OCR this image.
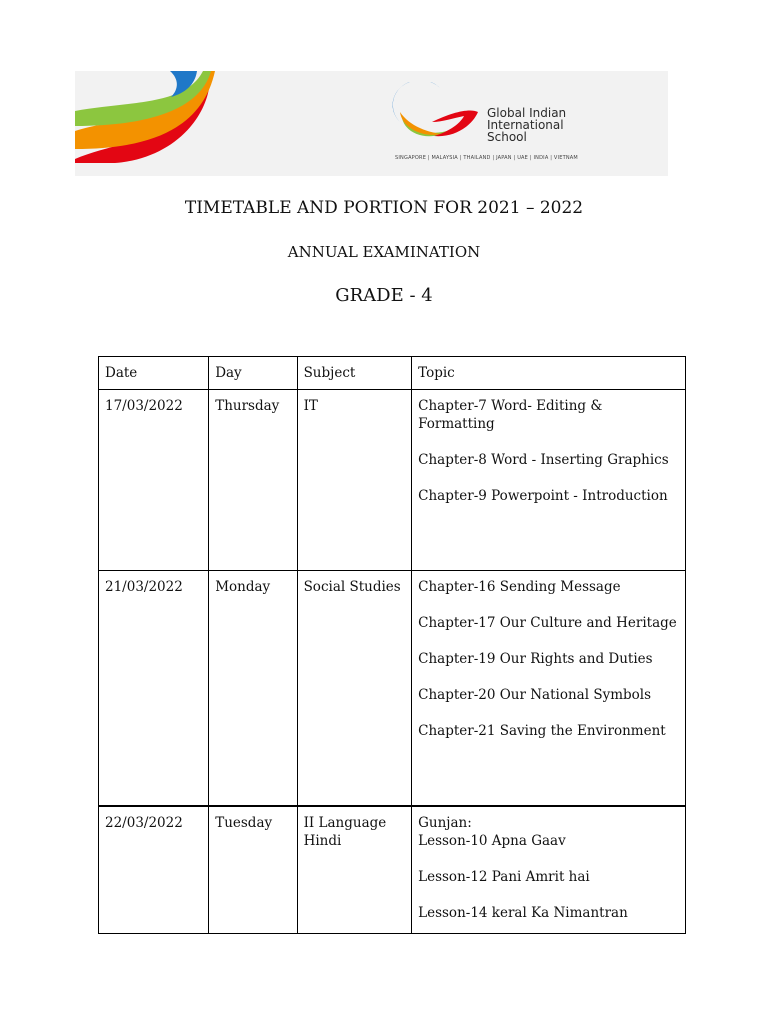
Global Indian
International
School
SINGAPORE | MALAYSIA | THAILAND | JAPAN | UAE | INDIA | VIETNAM
TIMETABLE AND PORTION FOR 2021 – 2022
ANNUAL EXAMINATION
GRADE - 4
Date	Day	Subject	Topic
17/03/2022	Thursday	IT	Chapter-7 Word- Editing & Formatting

Chapter-8 Word - Inserting Graphics

Chapter-9 Powerpoint - Introduction

21/03/2022	Monday	Social Studies	Chapter-16 Sending Message

Chapter-17 Our Culture and Heritage

Chapter-19 Our Rights and Duties

Chapter-20 Our National Symbols

Chapter-21 Saving the Environment

22/03/2022	Tuesday	II Language Hindi	Gunjan:
Lesson-10 Apna Gaav

Lesson-12 Pani Amrit hai

Lesson-14 keral Ka Nimantran
